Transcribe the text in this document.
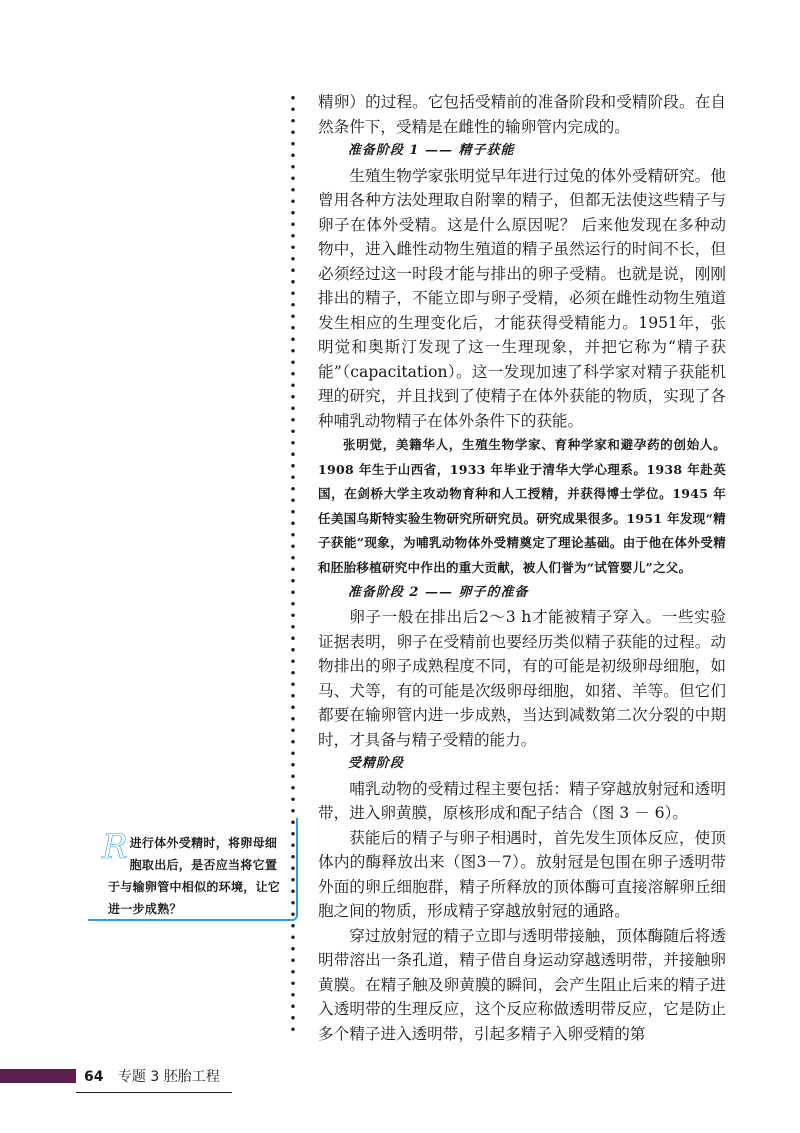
精卵）的过程。它包括受精前的准备阶段和受精阶段。在自然条件下，受精是在雌性的输卵管内完成的。

准备阶段 1 —— 精子获能

生殖生物学家张明觉早年进行过兔的体外受精研究。他曾用各种方法处理取自附睾的精子，但都无法使这些精子与卵子在体外受精。这是什么原因呢？ 后来他发现在多种动物中，进入雌性动物生殖道的精子虽然运行的时间不长，但必须经过这一时段才能与排出的卵子受精。也就是说，刚刚排出的精子，不能立即与卵子受精，必须在雌性动物生殖道发生相应的生理变化后，才能获得受精能力。1951年，张明觉和奥斯汀发现了这一生理现象，并把它称为“精子获能”（capacitation）。这一发现加速了科学家对精子获能机理的研究，并且找到了使精子在体外获能的物质，实现了各种哺乳动物精子在体外条件下的获能。

张明觉，美籍华人，生殖生物学家、育种学家和避孕药的创始人。1908 年生于山西省，1933 年毕业于清华大学心理系。1938 年赴英国，在剑桥大学主攻动物育种和人工授精，并获得博士学位。1945 年任美国乌斯特实验生物研究所研究员。研究成果很多。1951 年发现“精子获能”现象，为哺乳动物体外受精奠定了理论基础。由于他在体外受精和胚胎移植研究中作出的重大贡献，被人们誉为“试管婴儿”之父。

准备阶段 2 —— 卵子的准备

卵子一般在排出后2～3 h才能被精子穿入。一些实验证据表明，卵子在受精前也要经历类似精子获能的过程。动物排出的卵子成熟程度不同，有的可能是初级卵母细胞，如马、犬等，有的可能是次级卵母细胞，如猪、羊等。但它们都要在输卵管内进一步成熟，当达到减数第二次分裂的中期时，才具备与精子受精的能力。

受精阶段

哺乳动物的受精过程主要包括：精子穿越放射冠和透明带，进入卵黄膜，原核形成和配子结合（图 3 － 6）。

获能后的精子与卵子相遇时，首先发生顶体反应，使顶体内的酶释放出来（图3－7）。放射冠是包围在卵子透明带外面的卵丘细胞群，精子所释放的顶体酶可直接溶解卵丘细胞之间的物质，形成精子穿越放射冠的通路。

穿过放射冠的精子立即与透明带接触，顶体酶随后将透明带溶出一条孔道，精子借自身运动穿越透明带，并接触卵黄膜。在精子触及卵黄膜的瞬间，会产生阻止后来的精子进入透明带的生理反应，这个反应称做透明带反应，它是防止多个精子进入透明带，引起多精子入卵受精的第

R 进行体外受精时，将卵母细胞取出后，是否应当将它置于与输卵管中相似的环境，让它进一步成熟？
64 专题 3 胚胎工程
